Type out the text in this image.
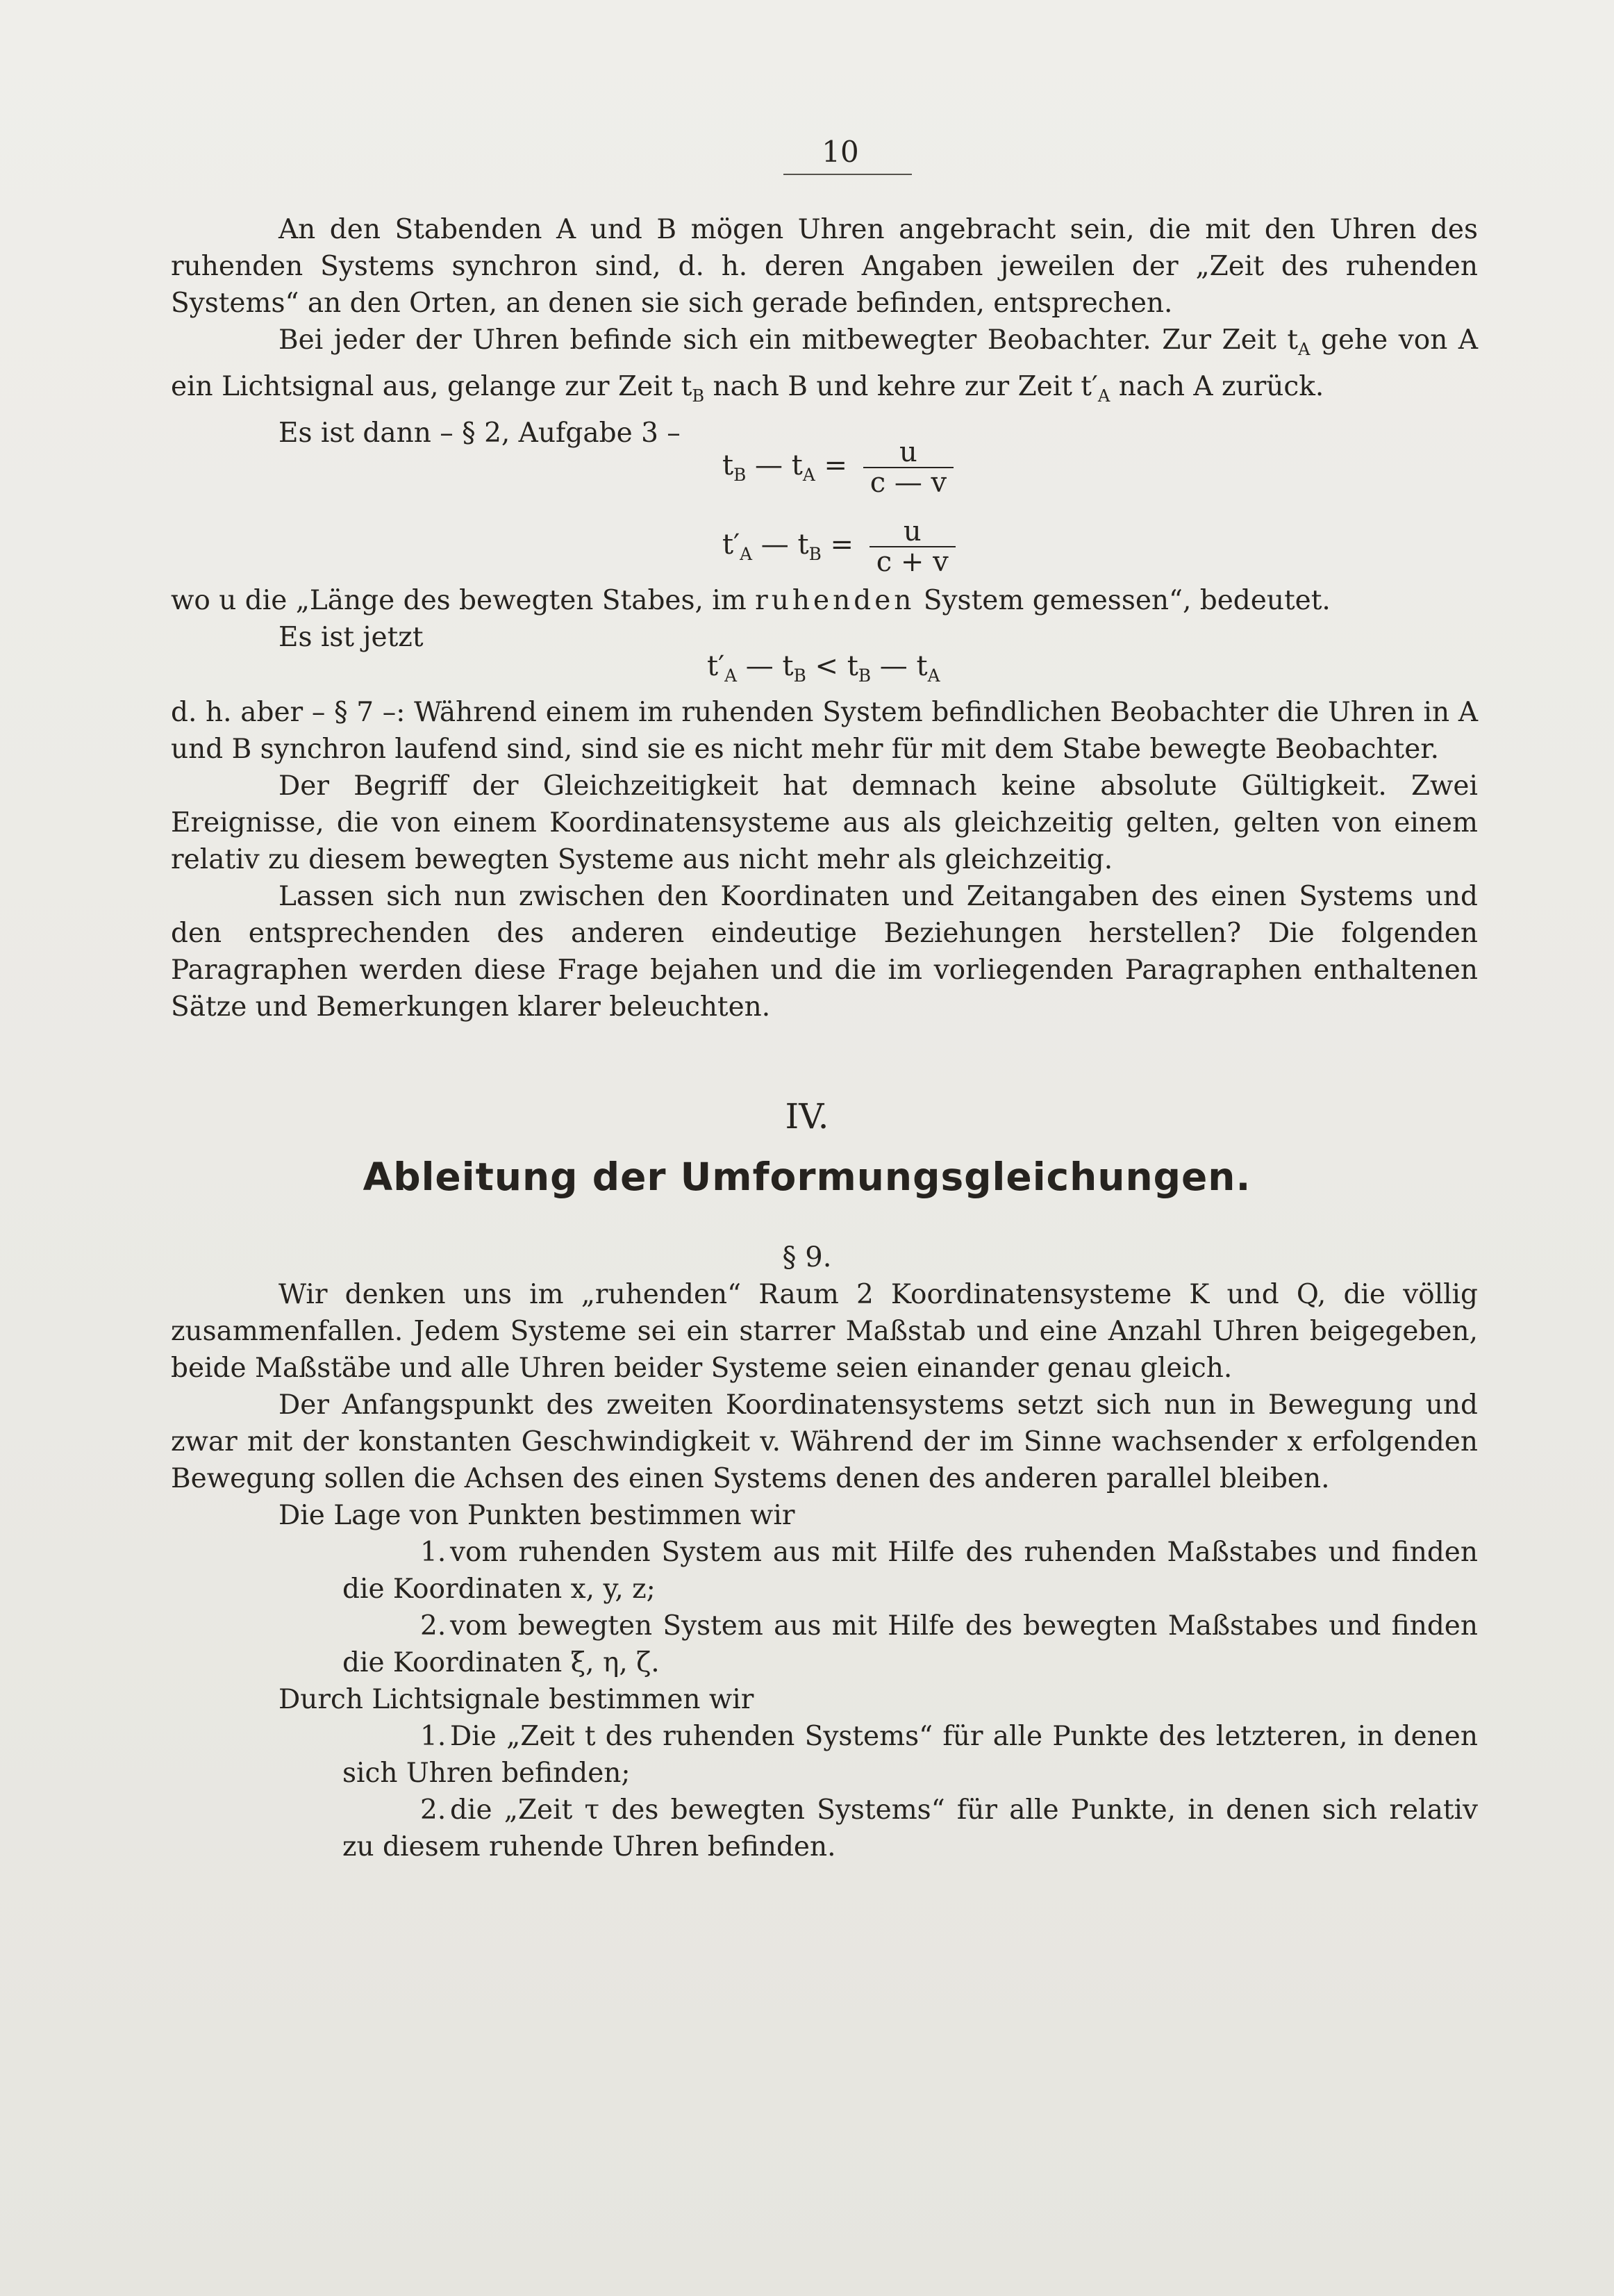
10

An den Stabenden A und B mögen Uhren angebracht sein, die mit den Uhren des ruhenden Systems synchron sind, d. h. deren Angaben jeweilen der „Zeit des ruhenden Systems“ an den Orten, an denen sie sich gerade befinden, entsprechen.

Bei jeder der Uhren befinde sich ein mitbewegter Beobachter. Zur Zeit $t_A$ gehe von A ein Lichtsignal aus, gelange zur Zeit $t_B$ nach B und kehre zur Zeit $t'_A$ nach A zurück.

Es ist dann – § 2, Aufgabe 3 –

$t_B$ — $t_A = \frac{u}{c — v}$
$t'_A$ — $t_B = \frac{u}{c + v}$

wo u die „Länge des bewegten Stabes, im ruhenden System gemessen“, bedeutet.

Es ist jetzt

$t'_A$ — $t_B < t_B$ — $t_A$

d. h. aber – § 7 –: Während einem im ruhenden System befindlichen Beobachter die Uhren in A und B synchron laufend sind, sind sie es nicht mehr für mit dem Stabe bewegte Beobachter.

Der Begriff der Gleichzeitigkeit hat demnach keine absolute Gültigkeit. Zwei Ereignisse, die von einem Koordinatensysteme aus als gleichzeitig gelten, gelten von einem relativ zu diesem bewegten Systeme aus nicht mehr als gleichzeitig.

Lassen sich nun zwischen den Koordinaten und Zeitangaben des einen Systems und den entsprechenden des anderen eindeutige Beziehungen herstellen? Die folgenden Paragraphen werden diese Frage bejahen und die im vorliegenden Paragraphen enthaltenen Sätze und Bemerkungen klarer beleuchten.

IV.
Ableitung der Umformungsgleichungen.
§ 9.

Wir denken uns im „ruhenden“ Raum 2 Koordinatensysteme K und Q, die völlig zusammenfallen. Jedem Systeme sei ein starrer Maßstab und eine Anzahl Uhren beigegeben, beide Maßstäbe und alle Uhren beider Systeme seien einander genau gleich.

Der Anfangspunkt des zweiten Koordinatensystems setzt sich nun in Bewegung und zwar mit der konstanten Geschwindigkeit v. Während der im Sinne wachsender x erfolgenden Bewegung sollen die Achsen des einen Systems denen des anderen parallel bleiben.

Die Lage von Punkten bestimmen wir

1. vom ruhenden System aus mit Hilfe des ruhenden Maßstabes und finden die Koordinaten x, y, z;

2. vom bewegten System aus mit Hilfe des bewegten Maßstabes und finden die Koordinaten ξ, η, ζ.

Durch Lichtsignale bestimmen wir

1. Die „Zeit t des ruhenden Systems“ für alle Punkte des letzteren, in denen sich Uhren befinden;

2. die „Zeit τ des bewegten Systems“ für alle Punkte, in denen sich relativ zu diesem ruhende Uhren befinden.
